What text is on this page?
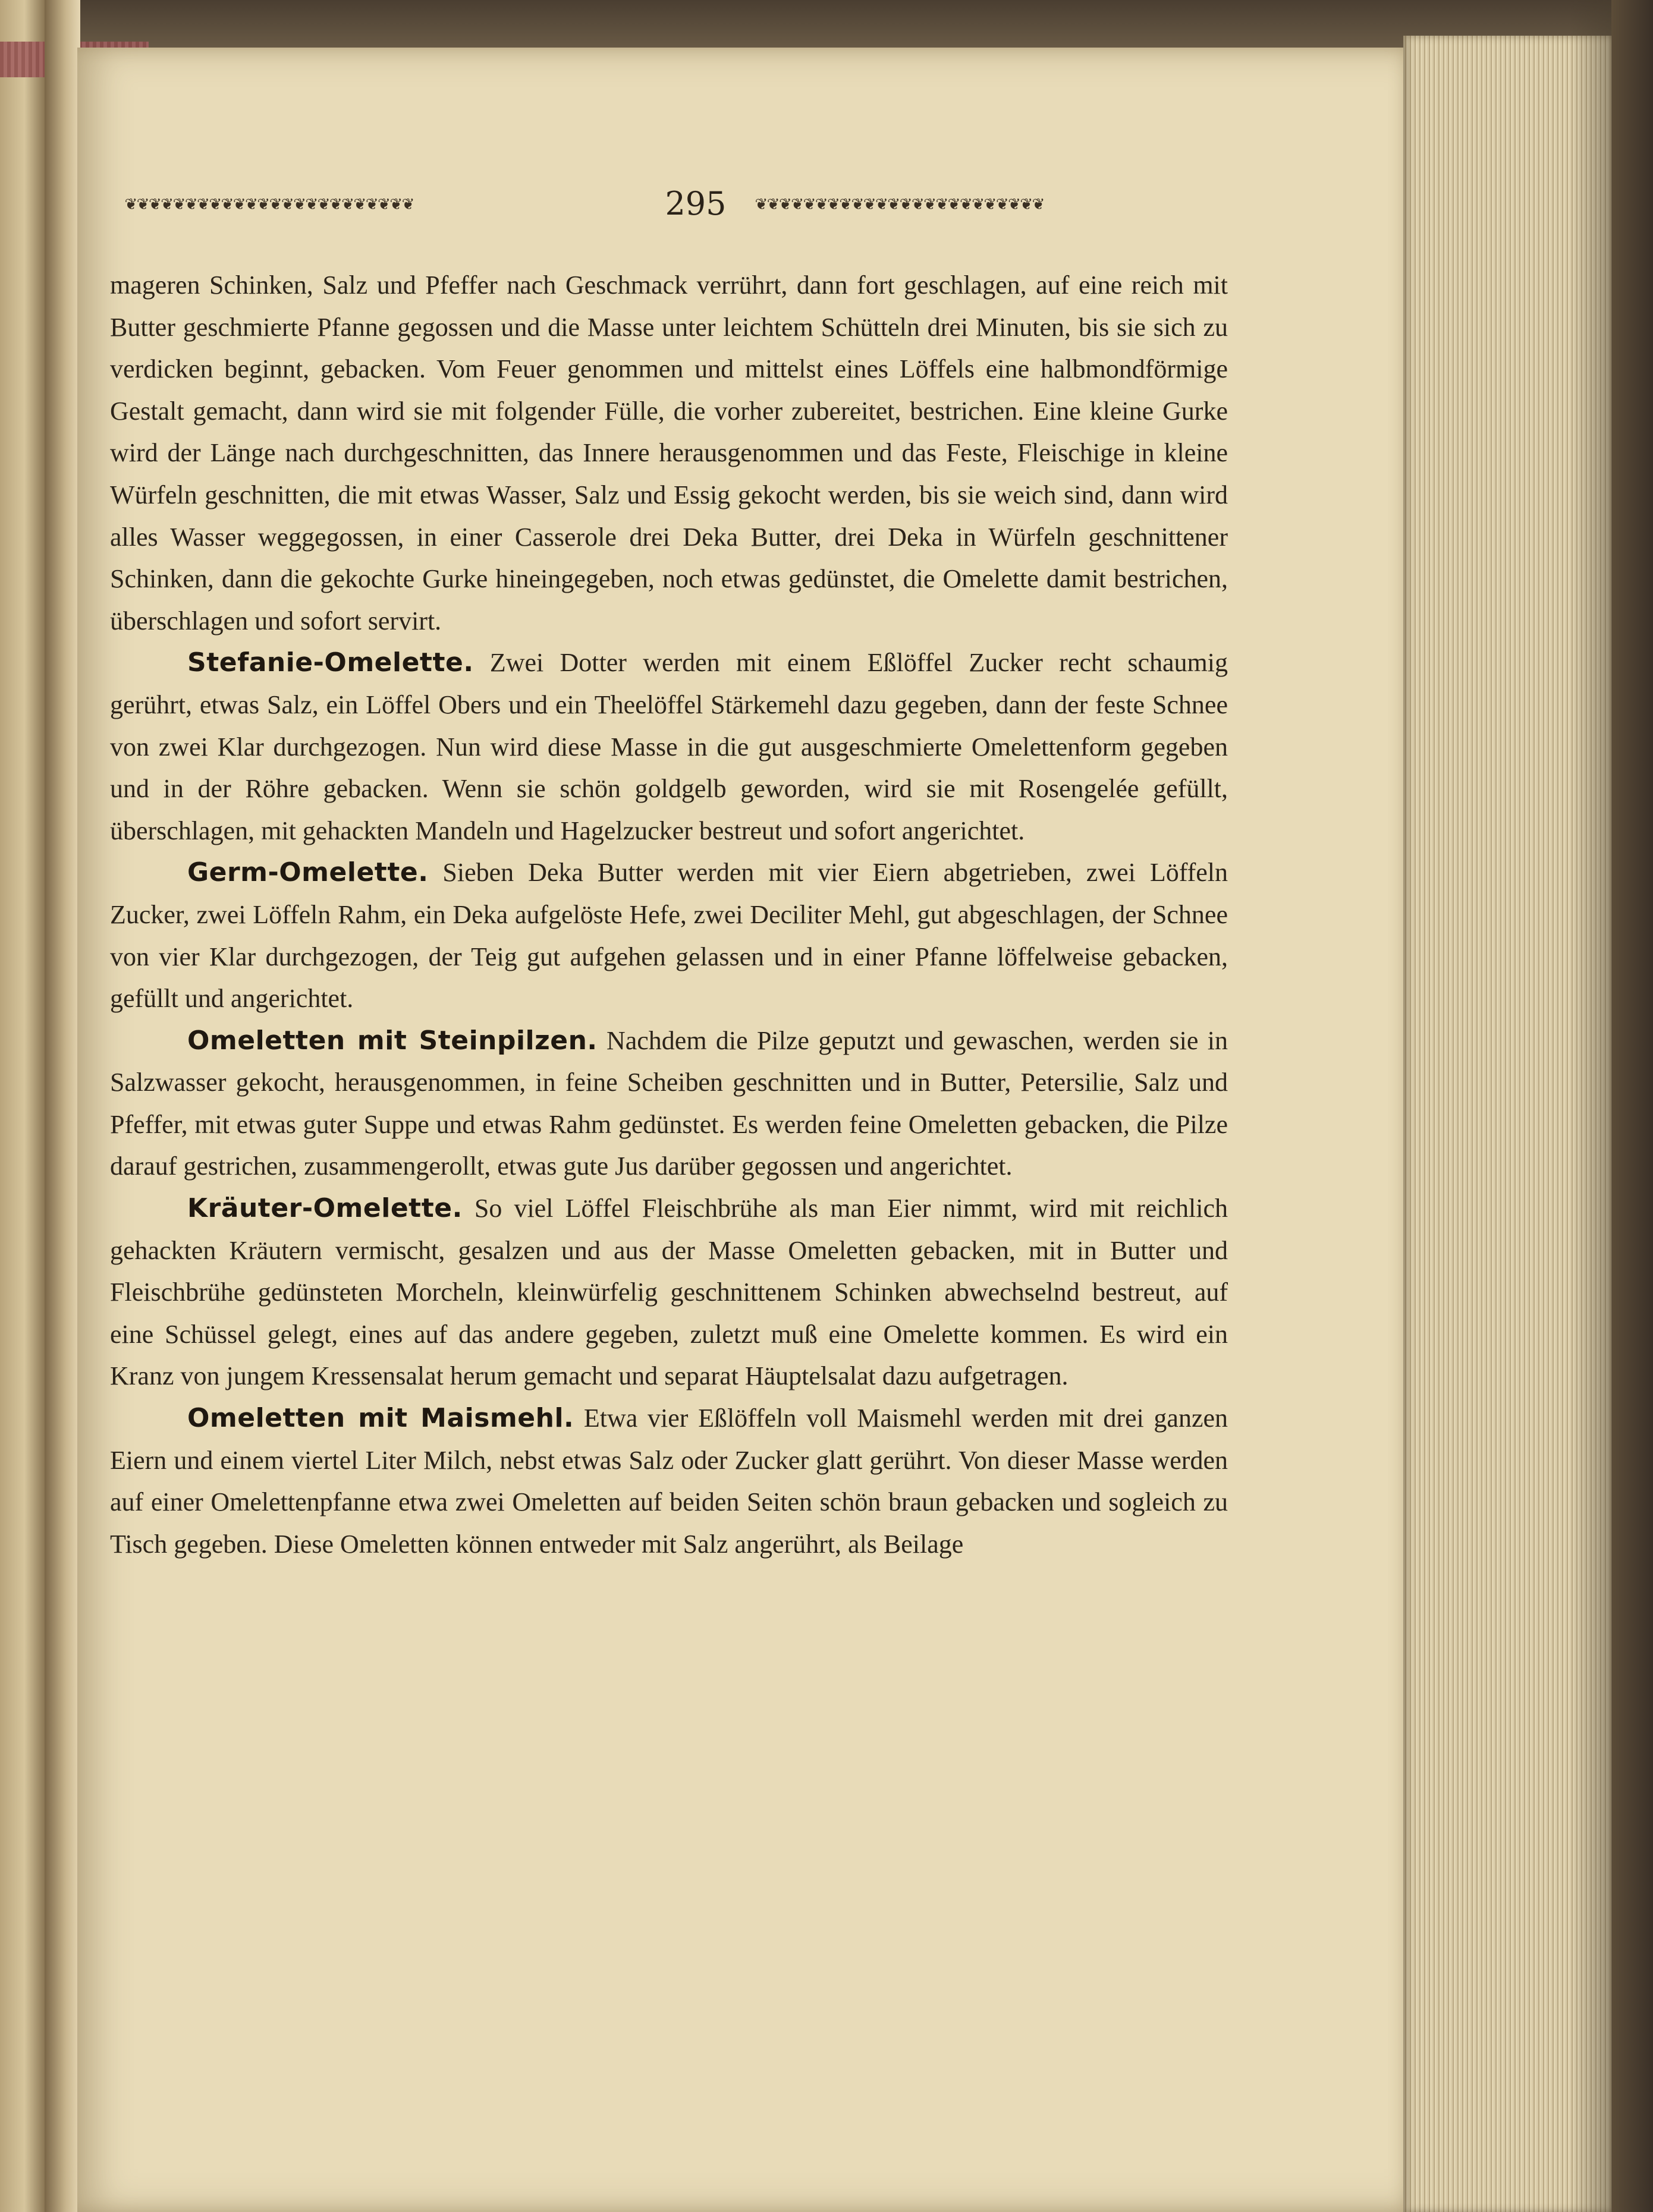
❦❦❦❦❦❦❦❦❦❦❦❦❦❦❦❦❦❦❦❦❦❦❦❦	295	❦❦❦❦❦❦❦❦❦❦❦❦❦❦❦❦❦❦❦❦❦❦❦❦

mageren Schinken, Salz und Pfeffer nach Geschmack verrührt, dann fort geschlagen, auf eine reich mit Butter geschmierte Pfanne gegossen und die Masse unter leichtem Schütteln drei Minuten, bis sie sich zu verdicken beginnt, gebacken. Vom Feuer genommen und mittelst eines Löffels eine halbmondförmige Gestalt gemacht, dann wird sie mit folgender Fülle, die vorher zubereitet, bestrichen. Eine kleine Gurke wird der Länge nach durchgeschnitten, das Innere herausgenommen und das Feste, Fleischige in kleine Würfeln geschnitten, die mit etwas Wasser, Salz und Essig gekocht werden, bis sie weich sind, dann wird alles Wasser weggegossen, in einer Casserole drei Deka Butter, drei Deka in Würfeln geschnittener Schinken, dann die gekochte Gurke hineingegeben, noch etwas gedünstet, die Omelette damit bestrichen, überschlagen und sofort servirt.

Stefanie-Omelette. Zwei Dotter werden mit einem Eßlöffel Zucker recht schaumig gerührt, etwas Salz, ein Löffel Obers und ein Theelöffel Stärkemehl dazu gegeben, dann der feste Schnee von zwei Klar durchgezogen. Nun wird diese Masse in die gut ausgeschmierte Omelettenform gegeben und in der Röhre gebacken. Wenn sie schön goldgelb geworden, wird sie mit Rosengelée gefüllt, überschlagen, mit gehackten Mandeln und Hagelzucker bestreut und sofort angerichtet.

Germ-Omelette. Sieben Deka Butter werden mit vier Eiern abgetrieben, zwei Löffeln Zucker, zwei Löffeln Rahm, ein Deka aufgelöste Hefe, zwei Deciliter Mehl, gut abgeschlagen, der Schnee von vier Klar durchgezogen, der Teig gut aufgehen gelassen und in einer Pfanne löffelweise gebacken, gefüllt und angerichtet.

Omeletten mit Steinpilzen. Nachdem die Pilze geputzt und gewaschen, werden sie in Salzwasser gekocht, herausgenommen, in feine Scheiben geschnitten und in Butter, Petersilie, Salz und Pfeffer, mit etwas guter Suppe und etwas Rahm gedünstet. Es werden feine Omeletten gebacken, die Pilze darauf gestrichen, zusammengerollt, etwas gute Jus darüber gegossen und angerichtet.

Kräuter-Omelette. So viel Löffel Fleischbrühe als man Eier nimmt, wird mit reichlich gehackten Kräutern vermischt, gesalzen und aus der Masse Omeletten gebacken, mit in Butter und Fleischbrühe gedünsteten Morcheln, kleinwürfelig geschnittenem Schinken abwechselnd bestreut, auf eine Schüssel gelegt, eines auf das andere gegeben, zuletzt muß eine Omelette kommen. Es wird ein Kranz von jungem Kressensalat herum gemacht und separat Häuptelsalat dazu aufgetragen.

Omeletten mit Maismehl. Etwa vier Eßlöffeln voll Maismehl werden mit drei ganzen Eiern und einem viertel Liter Milch, nebst etwas Salz oder Zucker glatt gerührt. Von dieser Masse werden auf einer Omelettenpfanne etwa zwei Omeletten auf beiden Seiten schön braun gebacken und sogleich zu Tisch gegeben. Diese Omeletten können entweder mit Salz angerührt, als Beilage
